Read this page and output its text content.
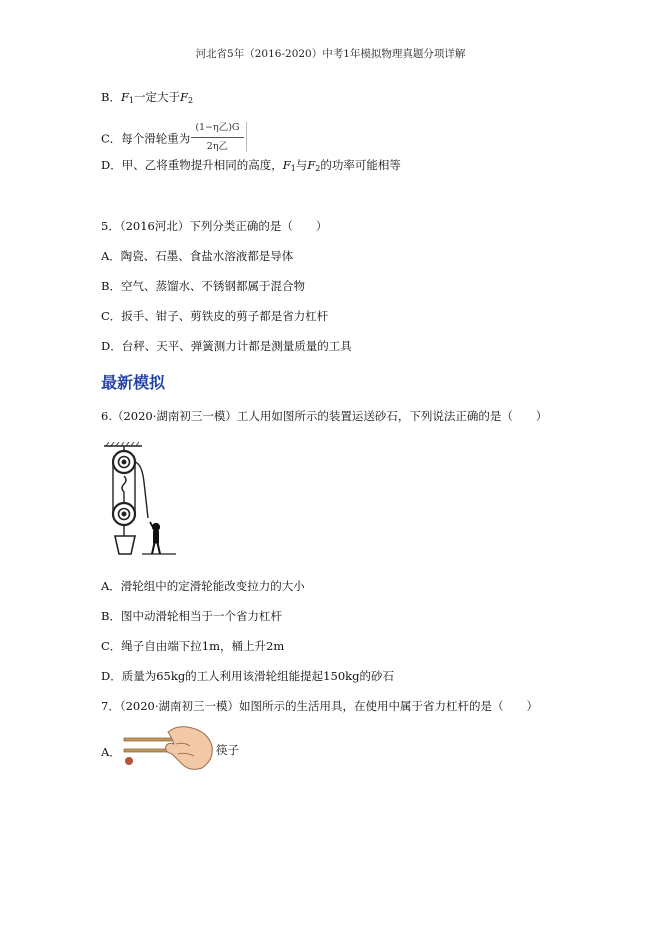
河北省5年（2016-2020）中考1年模拟物理真题分项详解
B．$F_1$一定大于$F_2$
C．每个滑轮重为 $\frac{\text{(1−η乙)G}}{\text{2η乙}}$
D．甲、乙将重物提升相同的高度，$F_1$与$F_2$的功率可能相等
5．（2016河北）下列分类正确的是（　　）
A．陶瓷、石墨、食盐水溶液都是导体
B．空气、蒸馏水、不锈钢都属于混合物
C．扳手、钳子、剪铁皮的剪子都是省力杠杆
D．台秤、天平、弹簧测力计都是测量质量的工具
最新模拟
6.（2020·湖南初三一模）工人用如图所示的装置运送砂石，下列说法正确的是（　　）
A．滑轮组中的定滑轮能改变拉力的大小
B．图中动滑轮相当于一个省力杠杆
C．绳子自由端下拉1m，桶上升2m
D．质量为65kg的工人利用该滑轮组能提起150kg的砂石
7．（2020·湖南初三一模）如图所示的生活用具，在使用中属于省力杠杆的是（　　）
A．	筷子
